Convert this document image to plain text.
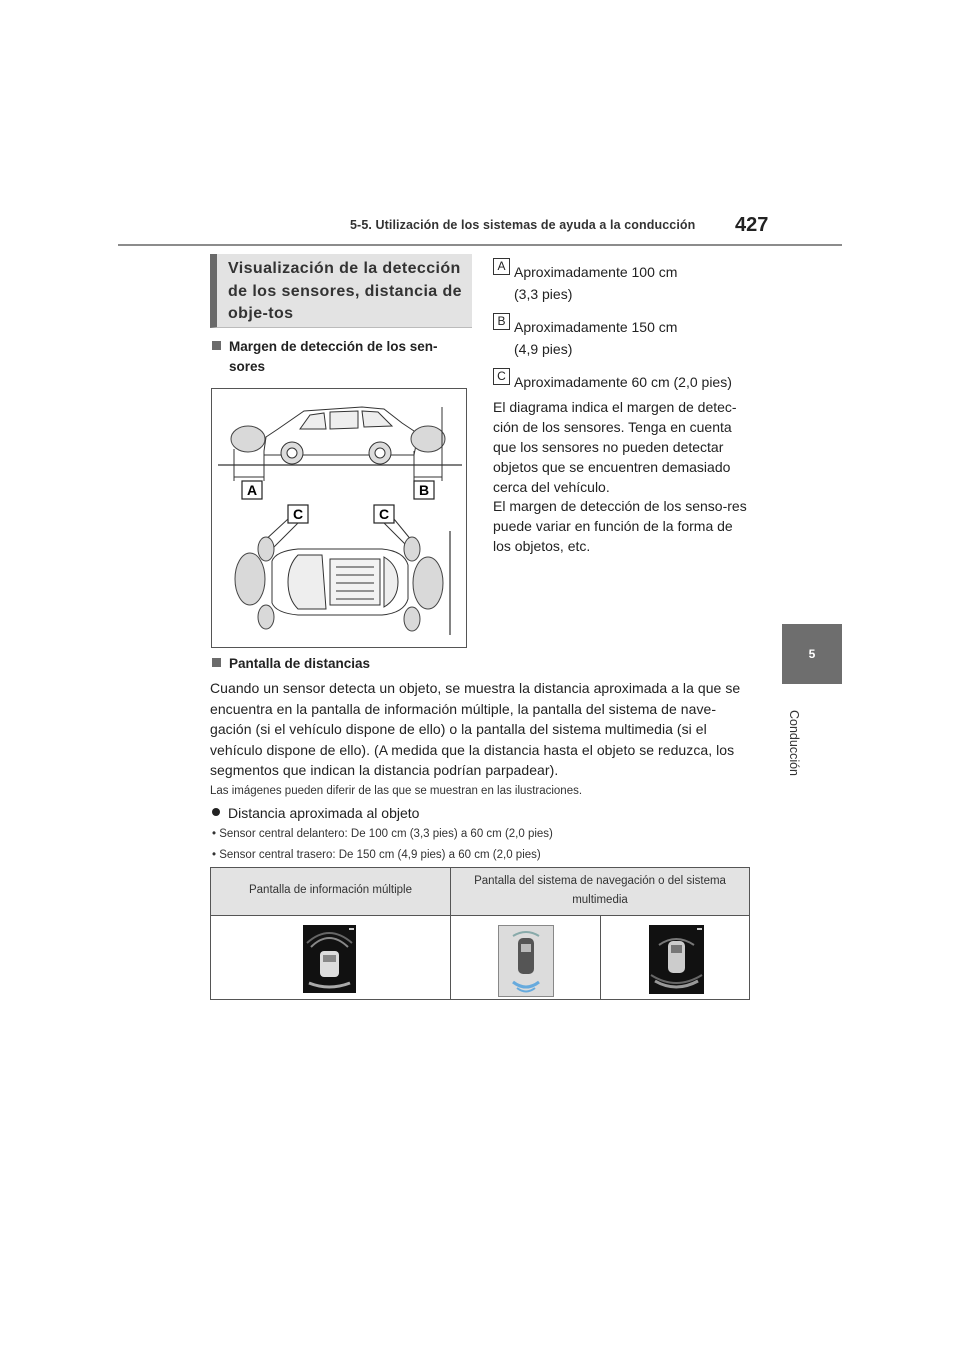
5-5. Utilización de los sistemas de ayuda a la conducción 427
5
Conducción
Visualización de la detección de los sensores, distancia de obje-tos
Margen de detección de los sen-
sores
A	B
C	C
A Aproximadamente 100 cm
(3,3 pies)
B Aproximadamente 150 cm
(4,9 pies)
C Aproximadamente 60 cm (2,0 pies)
El diagrama indica el margen de detec-ción de los sensores. Tenga en cuenta que los sensores no pueden detectar objetos que se encuentren demasiado cerca del vehículo.
El margen de detección de los senso-res puede variar en función de la forma de los objetos, etc.
Pantalla de distancias
Cuando un sensor detecta un objeto, se muestra la distancia aproximada a la que se encuentra en la pantalla de información múltiple, la pantalla del sistema de nave-gación (si el vehículo dispone de ello) o la pantalla del sistema multimedia (si el vehículo dispone de ello). (A medida que la distancia hasta el objeto se reduzca, los segmentos que indican la distancia podrían parpadear).
Las imágenes pueden diferir de las que se muestran en las ilustraciones.
Distancia aproximada al objeto
• Sensor central delantero: De 100 cm (3,3 pies) a 60 cm (2,0 pies)
• Sensor central trasero: De 150 cm (4,9 pies) a 60 cm (2,0 pies)
Pantalla de información múltiple
Pantalla del sistema de navegación o del sistema
multimedia
